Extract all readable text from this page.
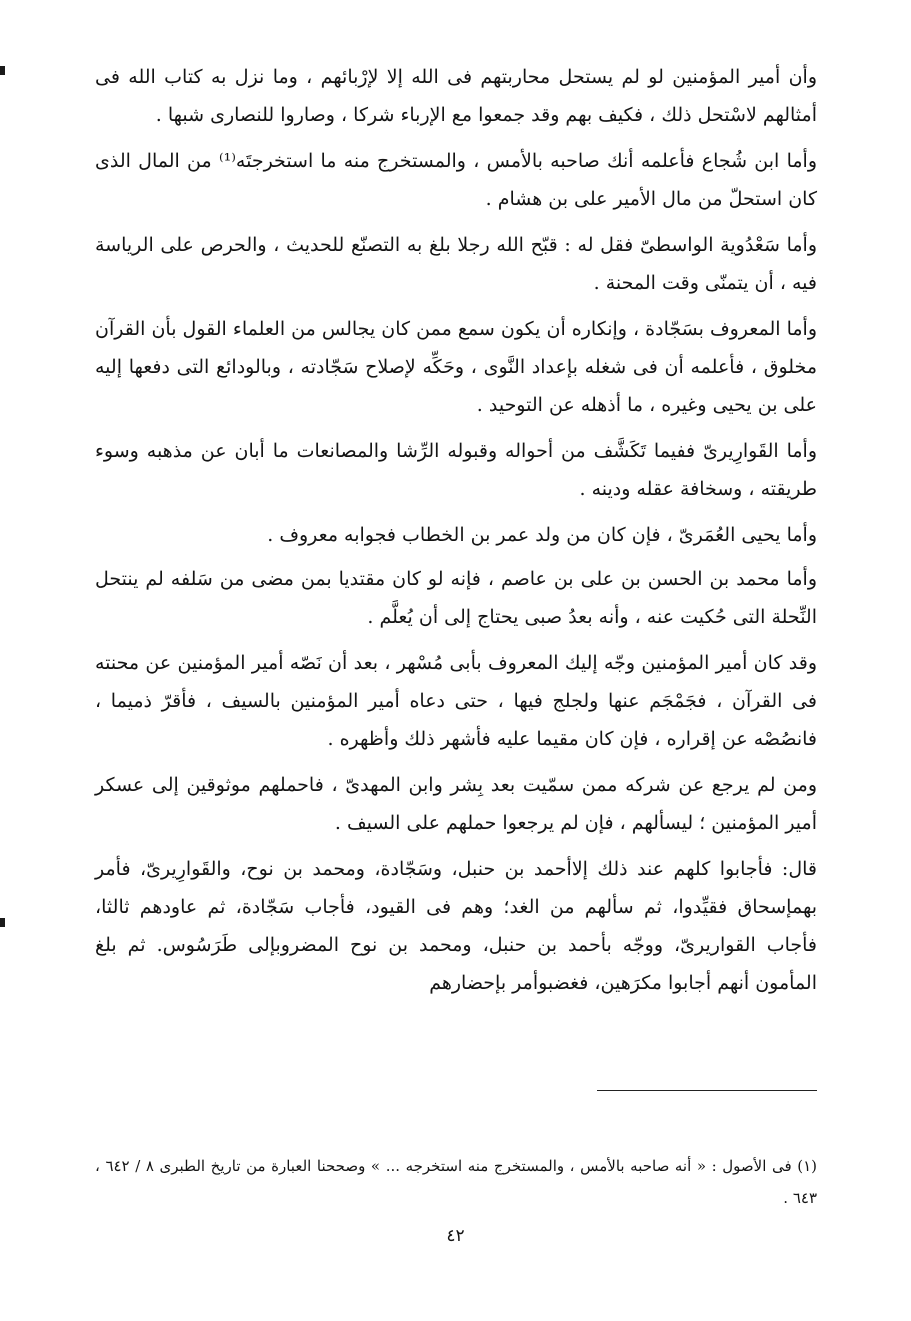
وأن أمير المؤمنين لو لم يستحل محاربتهم فى الله إلا لإرْبائهم ، وما نزل به كتاب الله فى أمثالهم لاسْتحل ذلك ، فكيف بهم وقد جمعوا مع الإرباء شركا ، وصاروا للنصارى شبها .

وأما ابن شُجاع فأعلمه أنك صاحبه بالأمس ، والمستخرج منه ما استخرجتَه⁽¹⁾ من المال الذى كان استحلّ من مال الأمير على بن هشام .

وأما سَعْدُوية الواسطىّ فقل له : قبّح الله رجلا بلغ به التصنّع للحديث ، والحرص على الرياسة فيه ، أن يتمنّى وقت المحنة .

وأما المعروف بسَجّادة ، وإنكاره أن يكون سمع ممن كان يجالس من العلماء القول بأن القرآن مخلوق ، فأعلمه أن فى شغله بإعداد النَّوى ، وحَكِّه لإصلاح سَجّادته ، وبالودائع التى دفعها إليه على بن يحيى وغيره ، ما أذهله عن التوحيد .

وأما القَوارِيرىّ ففيما تَكَشَّف من أحواله وقبوله الرِّشا والمصانعات ما أبان عن مذهبه وسوء طريقته ، وسخافة عقله ودينه .

وأما يحيى العُمَرىّ ، فإن كان من ولد عمر بن الخطاب فجوابه معروف .

وأما محمد بن الحسن بن على بن عاصم ، فإنه لو كان مقتديا بمن مضى من سَلفه لم ينتحل النِّحلة التى حُكيت عنه ، وأنه بعدُ صبى يحتاج إلى أن يُعلَّم .

وقد كان أمير المؤمنين وجّه إليك المعروف بأبى مُسْهر ، بعد أن نَصّه أمير المؤمنين عن محنته فى القرآن ، فجَمْجَم عنها ولجلج فيها ، حتى دعاه أمير المؤمنين بالسيف ، فأقرّ ذميما ، فانصُصْه عن إقراره ، فإن كان مقيما عليه فأشهر ذلك وأظهره .

ومن لم يرجع عن شركه ممن سمّيت بعد بِشر وابن المهدىّ ، فاحملهم موثوقين إلى عسكر أمير المؤمنين ؛ ليسألهم ، فإن لم يرجعوا حملهم على السيف .

قال: فأجابوا كلهم عند ذلك إلاأحمد بن حنبل، وسَجّادة، ومحمد بن نوح، والقَوارِيرىّ، فأمر بهمإسحاق فقيِّدوا، ثم سألهم من الغد؛ وهم فى القيود، فأجاب سَجّادة، ثم عاودهم ثالثا، فأجاب القواريرىّ، ووجّه بأحمد بن حنبل، ومحمد بن نوح المضروبإلى طَرَسُوس. ثم بلغ المأمون أنهم أجابوا مكرَهين، فغضبوأمر بإحضارهم

(١) فى الأصول : « أنه صاحبه بالأمس ، والمستخرج منه استخرجه ... » وصححنا العبارة من تاريخ الطبرى ٨ / ٦٤٢ ، ٦٤٣ .
٤٢
